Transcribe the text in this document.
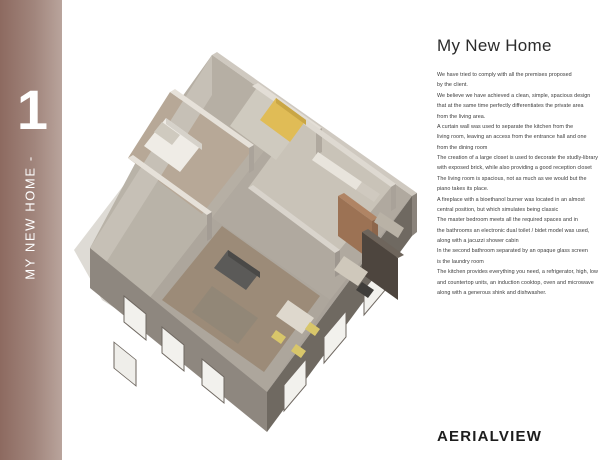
1
MY NEW HOME -
My New Home

We have tried to comply with all the premises proposed

by the client.

We believe we have achieved a clean, simple, spacious design

that at the same time perfectly differentiates the private area

from the living area.

A curtain wall was used to separate the kitchen from the

living room, leaving an access from the entrance hall and one

from the dining room

The creation of a large closet is used to decorate the studly-library

with exposed brick, while also providing a good reception closet

The living room is spacious, not as much as we would but the

piano takes its place.

A fireplace with a bioethanol burner was located in an almost

central position, but which simulates being classic

The master bedroom meets all the required spaces and in

the bathrooms an electronic dual toilet / bidet model was used,

along with a jacuzzi shower cabin

In the second bathroom separated by an opaque glass screen

is the laundry room

The kitchen provides everything you need, a refrigerator, high, low

and countertop units, an induction cooktop, oven and microwave

along with a generous shink and dishwasher.

AERIALVIEW
